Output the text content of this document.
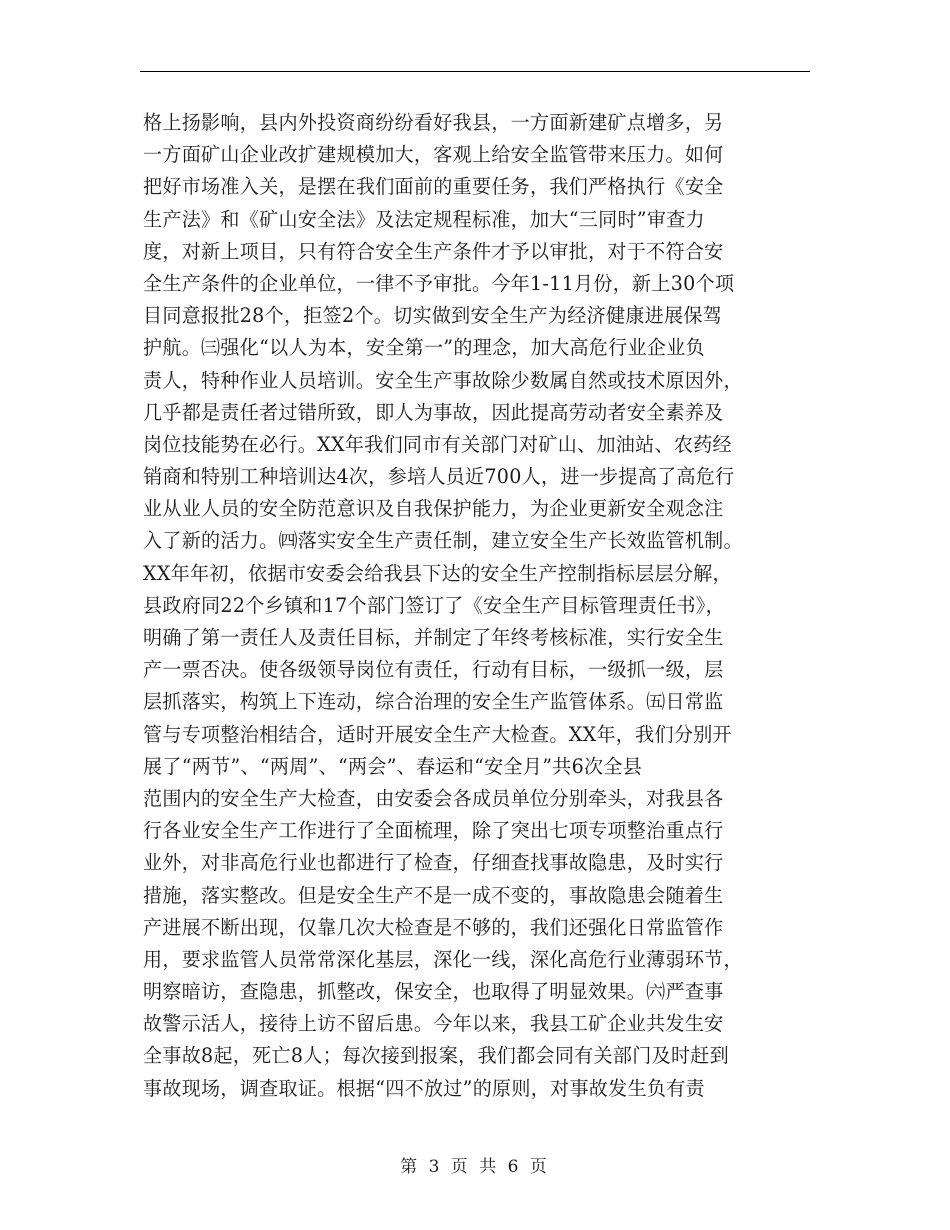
格上扬影响，县内外投资商纷纷看好我县，一方面新建矿点增多，另
一方面矿山企业改扩建规模加大，客观上给安全监管带来压力。如何
把好市场准入关，是摆在我们面前的重要任务，我们严格执行《安全
生产法》和《矿山安全法》及法定规程标准，加大“三同时”审查力
度，对新上项目，只有符合安全生产条件才予以审批，对于不符合安
全生产条件的企业单位，一律不予审批。今年1-11月份，新上30个项
目同意报批28个，拒签2个。切实做到安全生产为经济健康进展保驾
护航。㈢强化“以人为本，安全第一”的理念，加大高危行业企业负
责人，特种作业人员培训。安全生产事故除少数属自然或技术原因外，
几乎都是责任者过错所致，即人为事故，因此提高劳动者安全素养及
岗位技能势在必行。XX年我们同市有关部门对矿山、加油站、农药经
销商和特别工种培训达4次，参培人员近700人，进一步提高了高危行
业从业人员的安全防范意识及自我保护能力，为企业更新安全观念注
入了新的活力。㈣落实安全生产责任制，建立安全生产长效监管机制。
XX年年初，依据市安委会给我县下达的安全生产控制指标层层分解，
县政府同22个乡镇和17个部门签订了《安全生产目标管理责任书》，
明确了第一责任人及责任目标，并制定了年终考核标准，实行安全生
产一票否决。使各级领导岗位有责任，行动有目标，一级抓一级，层
层抓落实，构筑上下连动，综合治理的安全生产监管体系。㈤日常监
管与专项整治相结合，适时开展安全生产大检查。XX年，我们分别开
展了“两节”、“两周”、“两会”、春运和“安全月”共6次全县
范围内的安全生产大检查，由安委会各成员单位分别牵头，对我县各
行各业安全生产工作进行了全面梳理，除了突出七项专项整治重点行
业外，对非高危行业也都进行了检查，仔细查找事故隐患，及时实行
措施，落实整改。但是安全生产不是一成不变的，事故隐患会随着生
产进展不断出现，仅靠几次大检查是不够的，我们还强化日常监管作
用，要求监管人员常常深化基层，深化一线，深化高危行业薄弱环节，
明察暗访，查隐患，抓整改，保安全，也取得了明显效果。㈥严查事
故警示活人，接待上访不留后患。今年以来，我县工矿企业共发生安
全事故8起，死亡8人；每次接到报案，我们都会同有关部门及时赶到
事故现场，调查取证。根据“四不放过”的原则，对事故发生负有责
第 3 页 共 6 页
